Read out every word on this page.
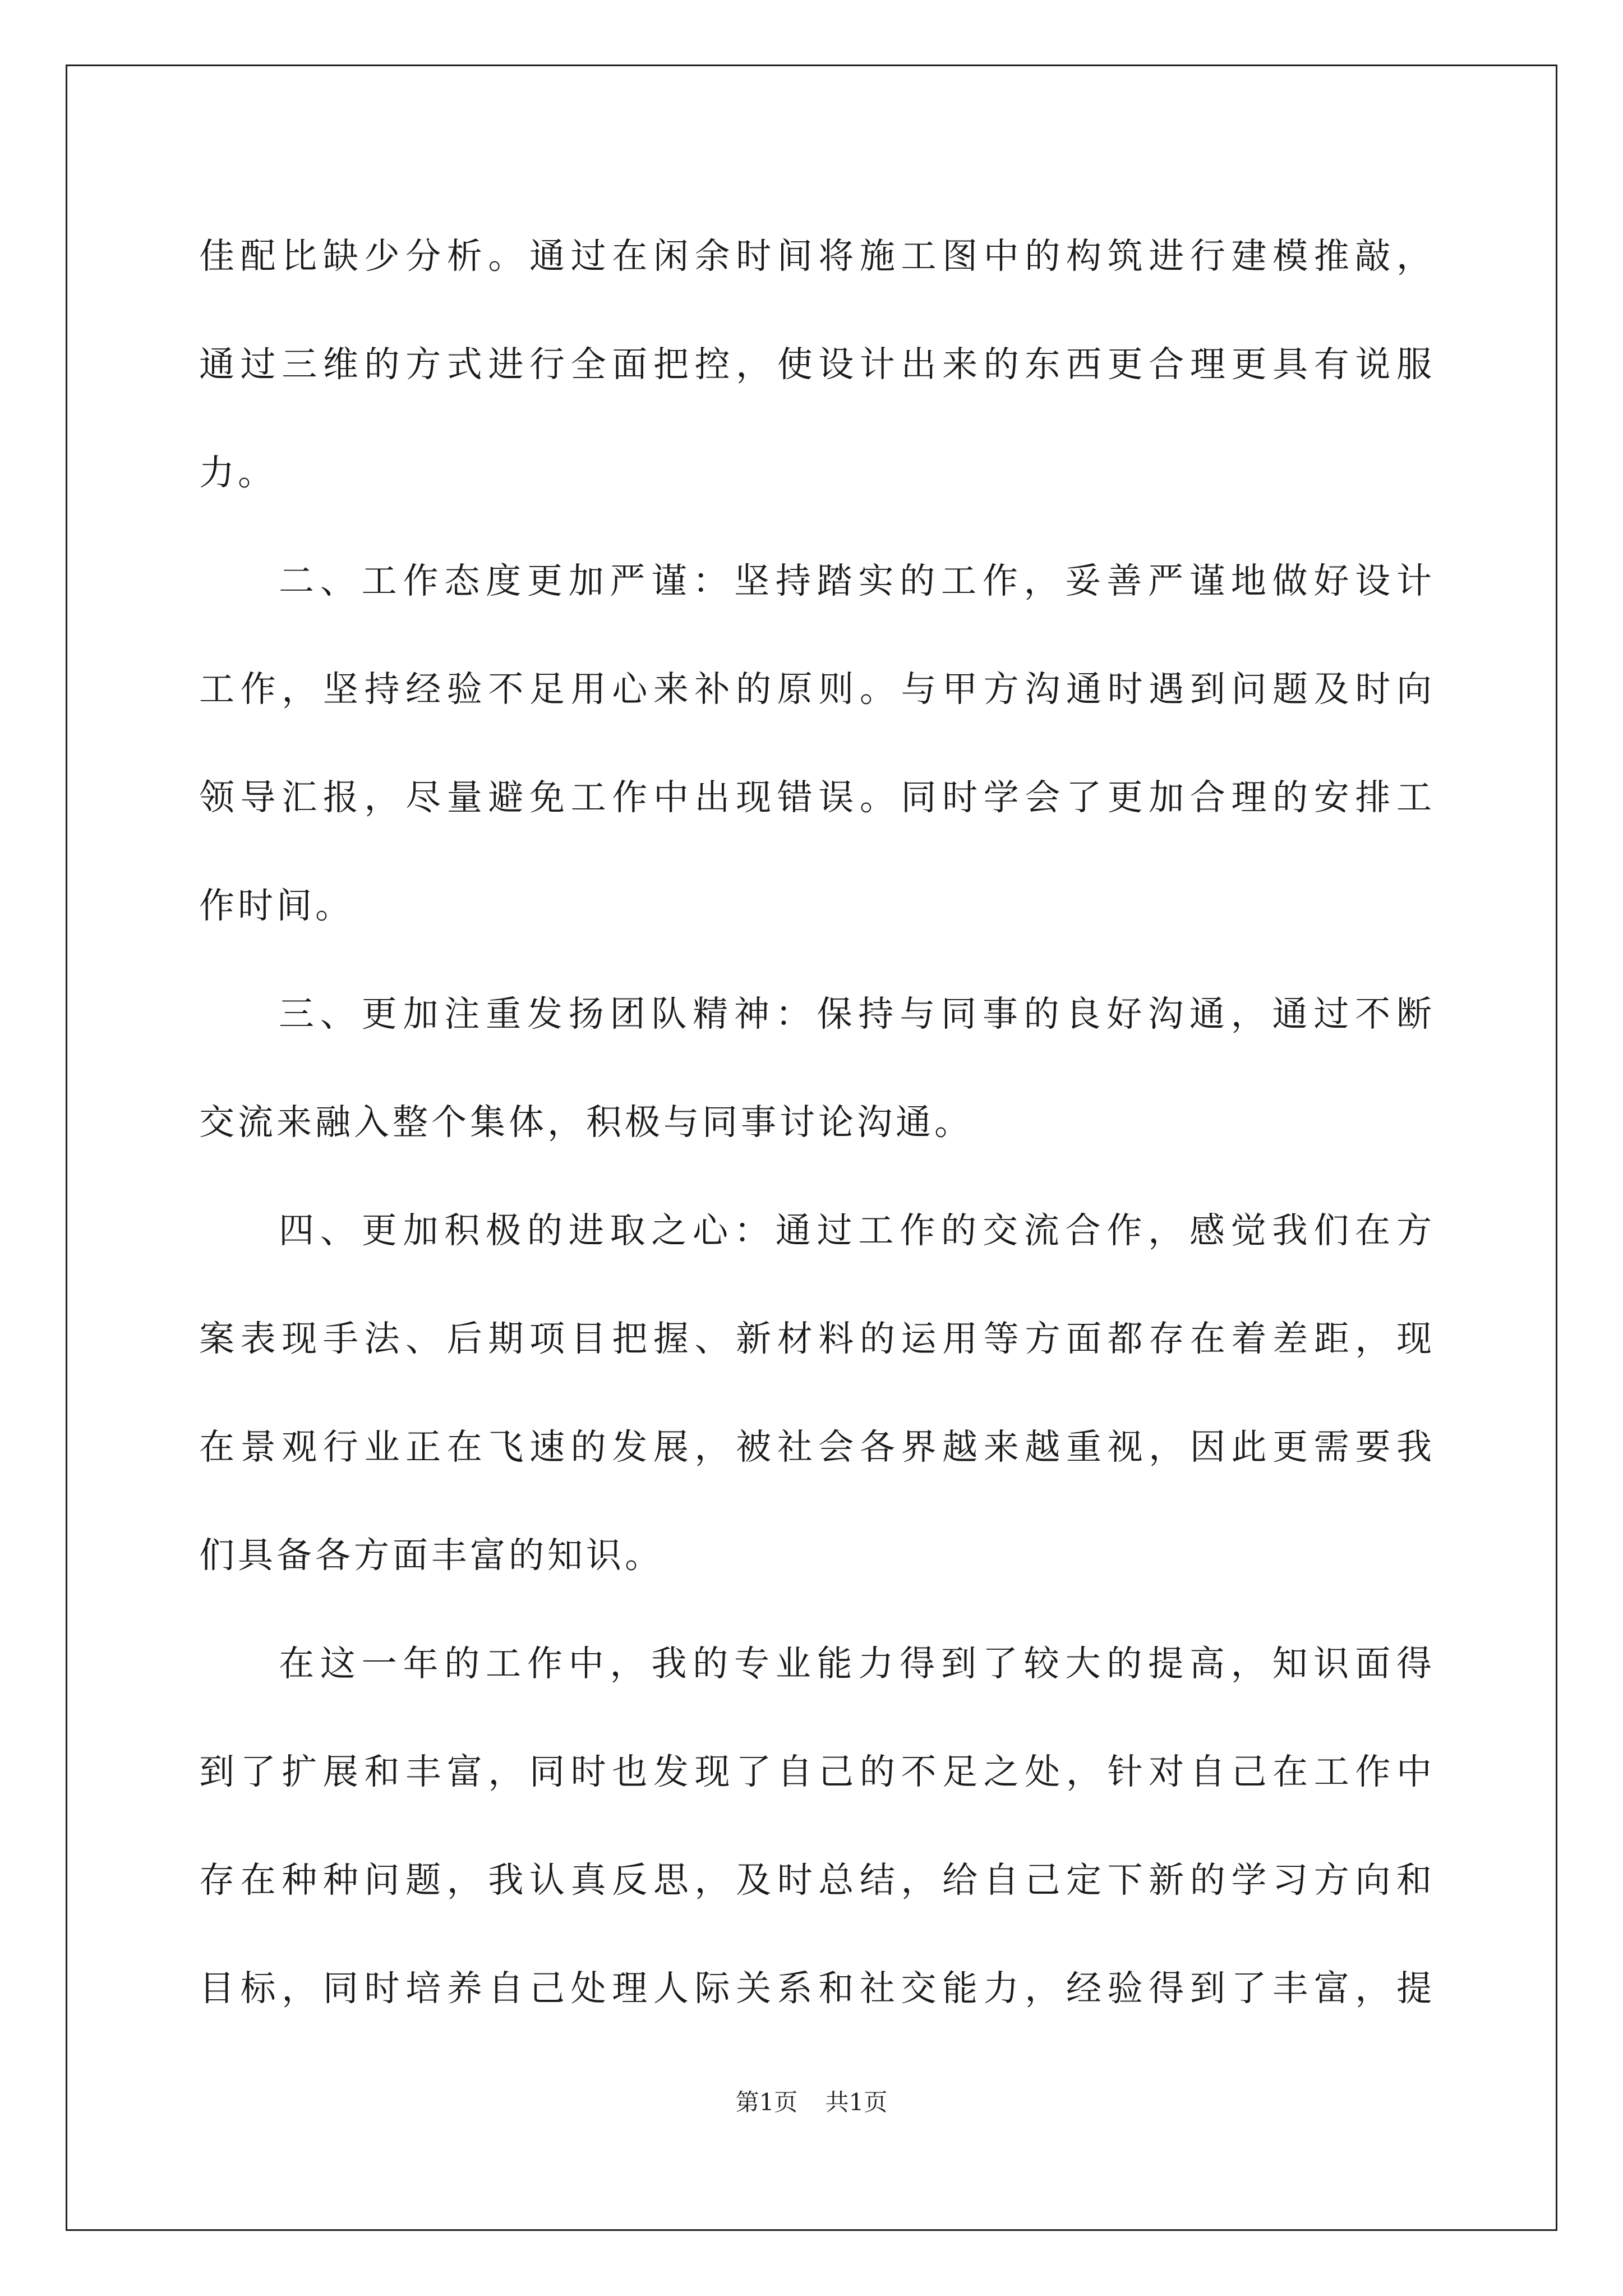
佳配比缺少分析。通过在闲余时间将施工图中的构筑进行建模推敲，
通过三维的方式进行全面把控，使设计出来的东西更合理更具有说服
力。
二、工作态度更加严谨：坚持踏实的工作，妥善严谨地做好设计
工作，坚持经验不足用心来补的原则。与甲方沟通时遇到问题及时向
领导汇报，尽量避免工作中出现错误。同时学会了更加合理的安排工
作时间。
三、更加注重发扬团队精神：保持与同事的良好沟通，通过不断
交流来融入整个集体，积极与同事讨论沟通。
四、更加积极的进取之心：通过工作的交流合作，感觉我们在方
案表现手法、后期项目把握、新材料的运用等方面都存在着差距，现
在景观行业正在飞速的发展，被社会各界越来越重视，因此更需要我
们具备各方面丰富的知识。
在这一年的工作中，我的专业能力得到了较大的提高，知识面得
到了扩展和丰富，同时也发现了自己的不足之处，针对自己在工作中
存在种种问题，我认真反思，及时总结，给自己定下新的学习方向和
目标，同时培养自己处理人际关系和社交能力，经验得到了丰富，提
第1页 共1页
